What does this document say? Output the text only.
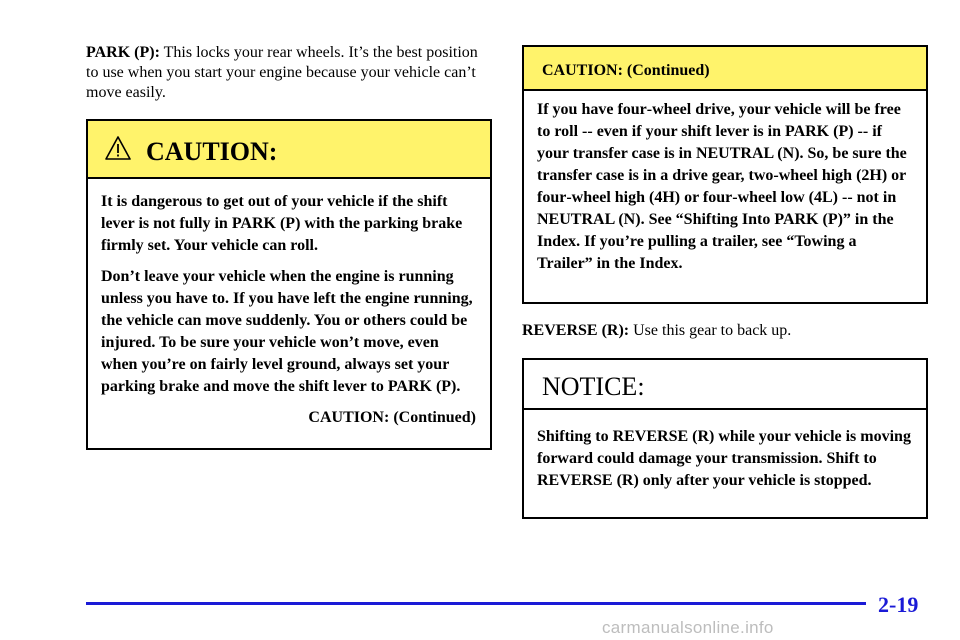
PARK (P): This locks your rear wheels. It’s the best position to use when you start your engine because your vehicle can’t move easily.
CAUTION:

It is dangerous to get out of your vehicle if the shift lever is not fully in PARK (P) with the parking brake firmly set. Your vehicle can roll.

Don’t leave your vehicle when the engine is running unless you have to. If you have left the engine running, the vehicle can move suddenly. You or others could be injured. To be sure your vehicle won’t move, even when you’re on fairly level ground, always set your parking brake and move the shift lever to PARK (P).

CAUTION: (Continued)

CAUTION: (Continued)

If you have four‐wheel drive, your vehicle will be free to roll -- even if your shift lever is in PARK (P) -- if your transfer case is in NEUTRAL (N). So, be sure the transfer case is in a drive gear, two‐wheel high (2H) or four‐wheel high (4H) or four‐wheel low (4L) -- not in NEUTRAL (N). See “Shifting Into PARK (P)” in the Index. If you’re pulling a trailer, see “Towing a Trailer” in the Index.

REVERSE (R): Use this gear to back up.
NOTICE:

Shifting to REVERSE (R) while your vehicle is moving forward could damage your transmission. Shift to REVERSE (R) only after your vehicle is stopped.

2-19
carmanualsonline.info
